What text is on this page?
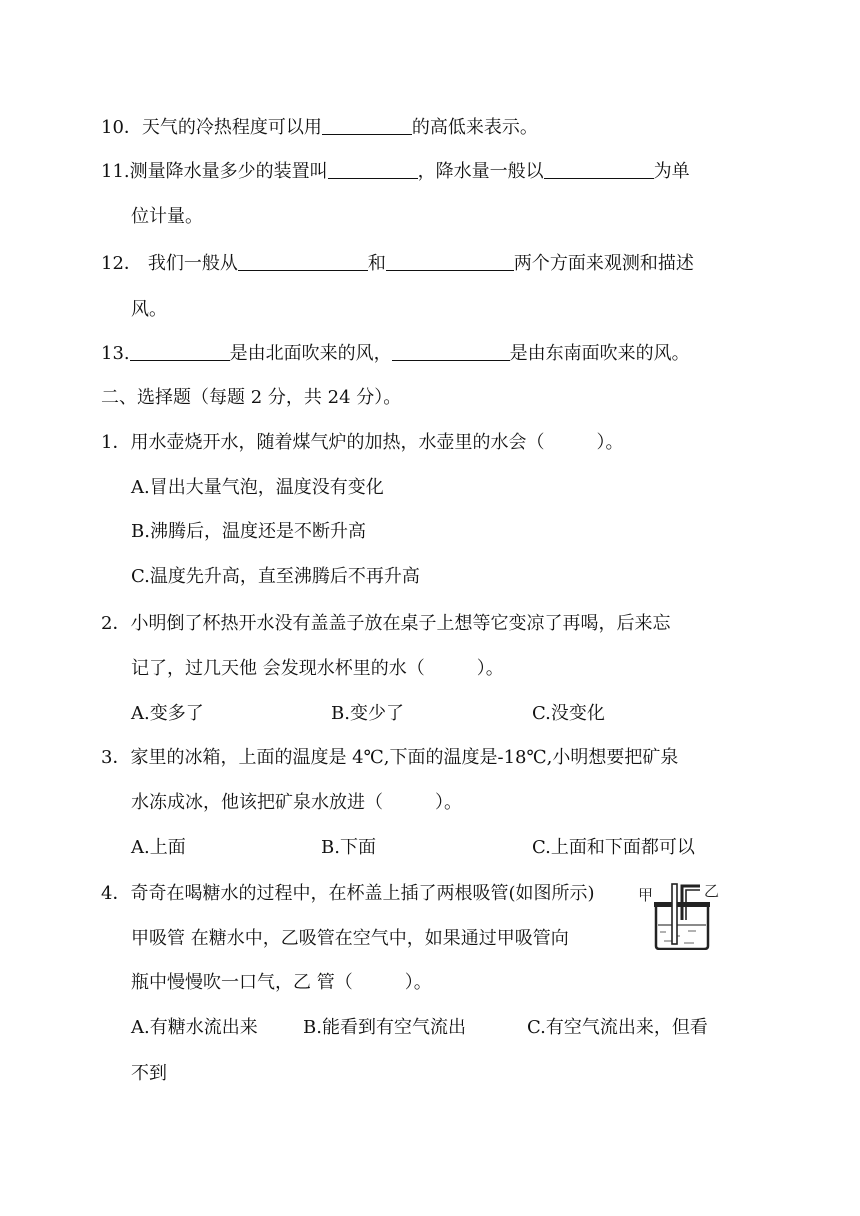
10．天气的冷热程度可以用	的高低来表示。
11.测量降水量多少的装置叫	，降水量一般以	为单
位计量。
12． 我们一般从	和	两个方面来观测和描述
风。
13.	是由北面吹来的风，	是由东南面吹来的风。
二、选择题（每题 2 分，共 24 分）。
1．用水壶烧开水，随着煤气炉的加热，水壶里的水会（	）。
A.冒出大量气泡，温度没有变化
B.沸腾后，温度还是不断升高
C.温度先升高，直至沸腾后不再升高
2．小明倒了杯热开水没有盖盖子放在桌子上想等它变凉了再喝，后来忘
记了，过几天他 会发现水杯里的水（	）。
A.变多了	B.变少了	C.没变化
3．家里的冰箱，上面的温度是 4℃,下面的温度是-18℃,小明想要把矿泉
水冻成冰，他该把矿泉水放进（	）。
A.上面	B.下面	C.上面和下面都可以
4．奇奇在喝糖水的过程中，在杯盖上插了两根吸管(如图所示)
甲吸管 在糖水中，乙吸管在空气中，如果通过甲吸管向
瓶中慢慢吹一口气，乙 管（	）。
A.有糖水流出来	B.能看到有空气流出	C.有空气流出来，但看
不到
甲	乙
